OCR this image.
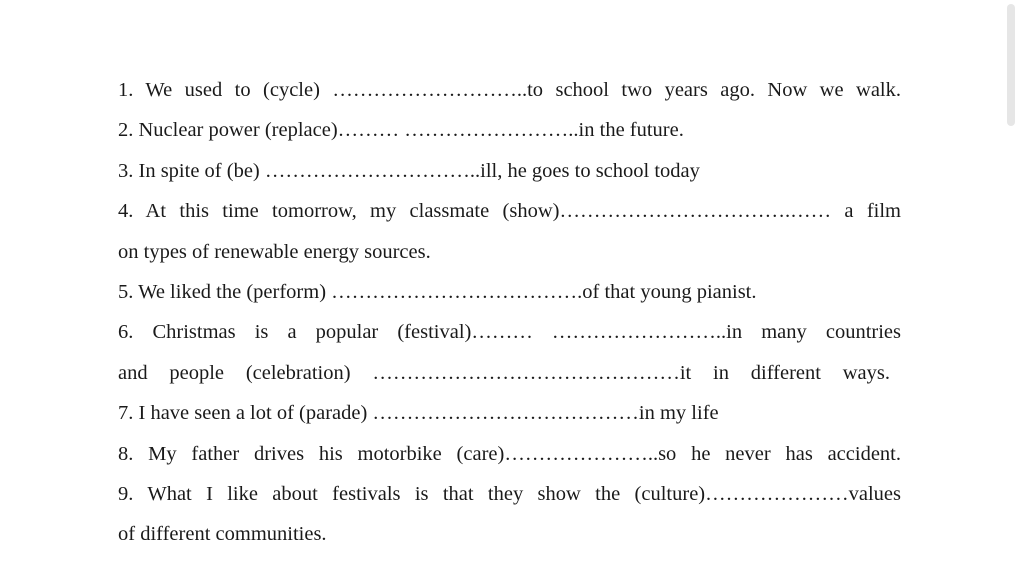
1. We used to (cycle) ………………………..to school two years ago. Now we walk.
2. Nuclear power (replace)……… ……………………..in the future.
3. In spite of (be) …………………………..ill, he goes to school today
4. At this time tomorrow, my classmate (show)…………………………….…… a film
on types of renewable energy sources.
5. We liked the (perform) ……………………………….of that young pianist.
6. Christmas is a popular (festival)……… ……………………..in many countries
and people (celebration) ………………………………………it in different ways.
7. I have seen a lot of (parade) …………………………………in my life
8. My father drives his motorbike (care)…………………..so he never has accident.
9. What I like about festivals is that they show the (culture)…………………values
of different communities.
